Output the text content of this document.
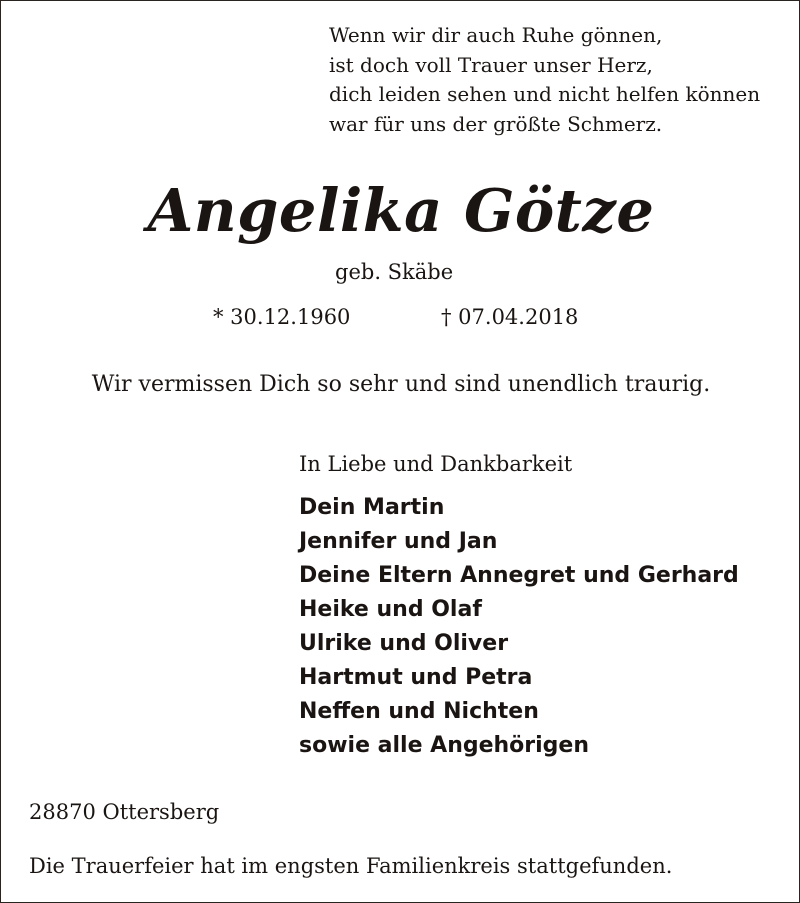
Wenn wir dir auch Ruhe gönnen,
ist doch voll Trauer unser Herz,
dich leiden sehen und nicht helfen können
war für uns der größte Schmerz.
Angelika Götze
geb. Skäbe
* 30.12.1960	† 07.04.2018
Wir vermissen Dich so sehr und sind unendlich traurig.
In Liebe und Dankbarkeit
Dein Martin
Jennifer und Jan
Deine Eltern Annegret und Gerhard
Heike und Olaf
Ulrike und Oliver
Hartmut und Petra
Neffen und Nichten
sowie alle Angehörigen
28870 Ottersberg
Die Trauerfeier hat im engsten Familienkreis stattgefunden.
